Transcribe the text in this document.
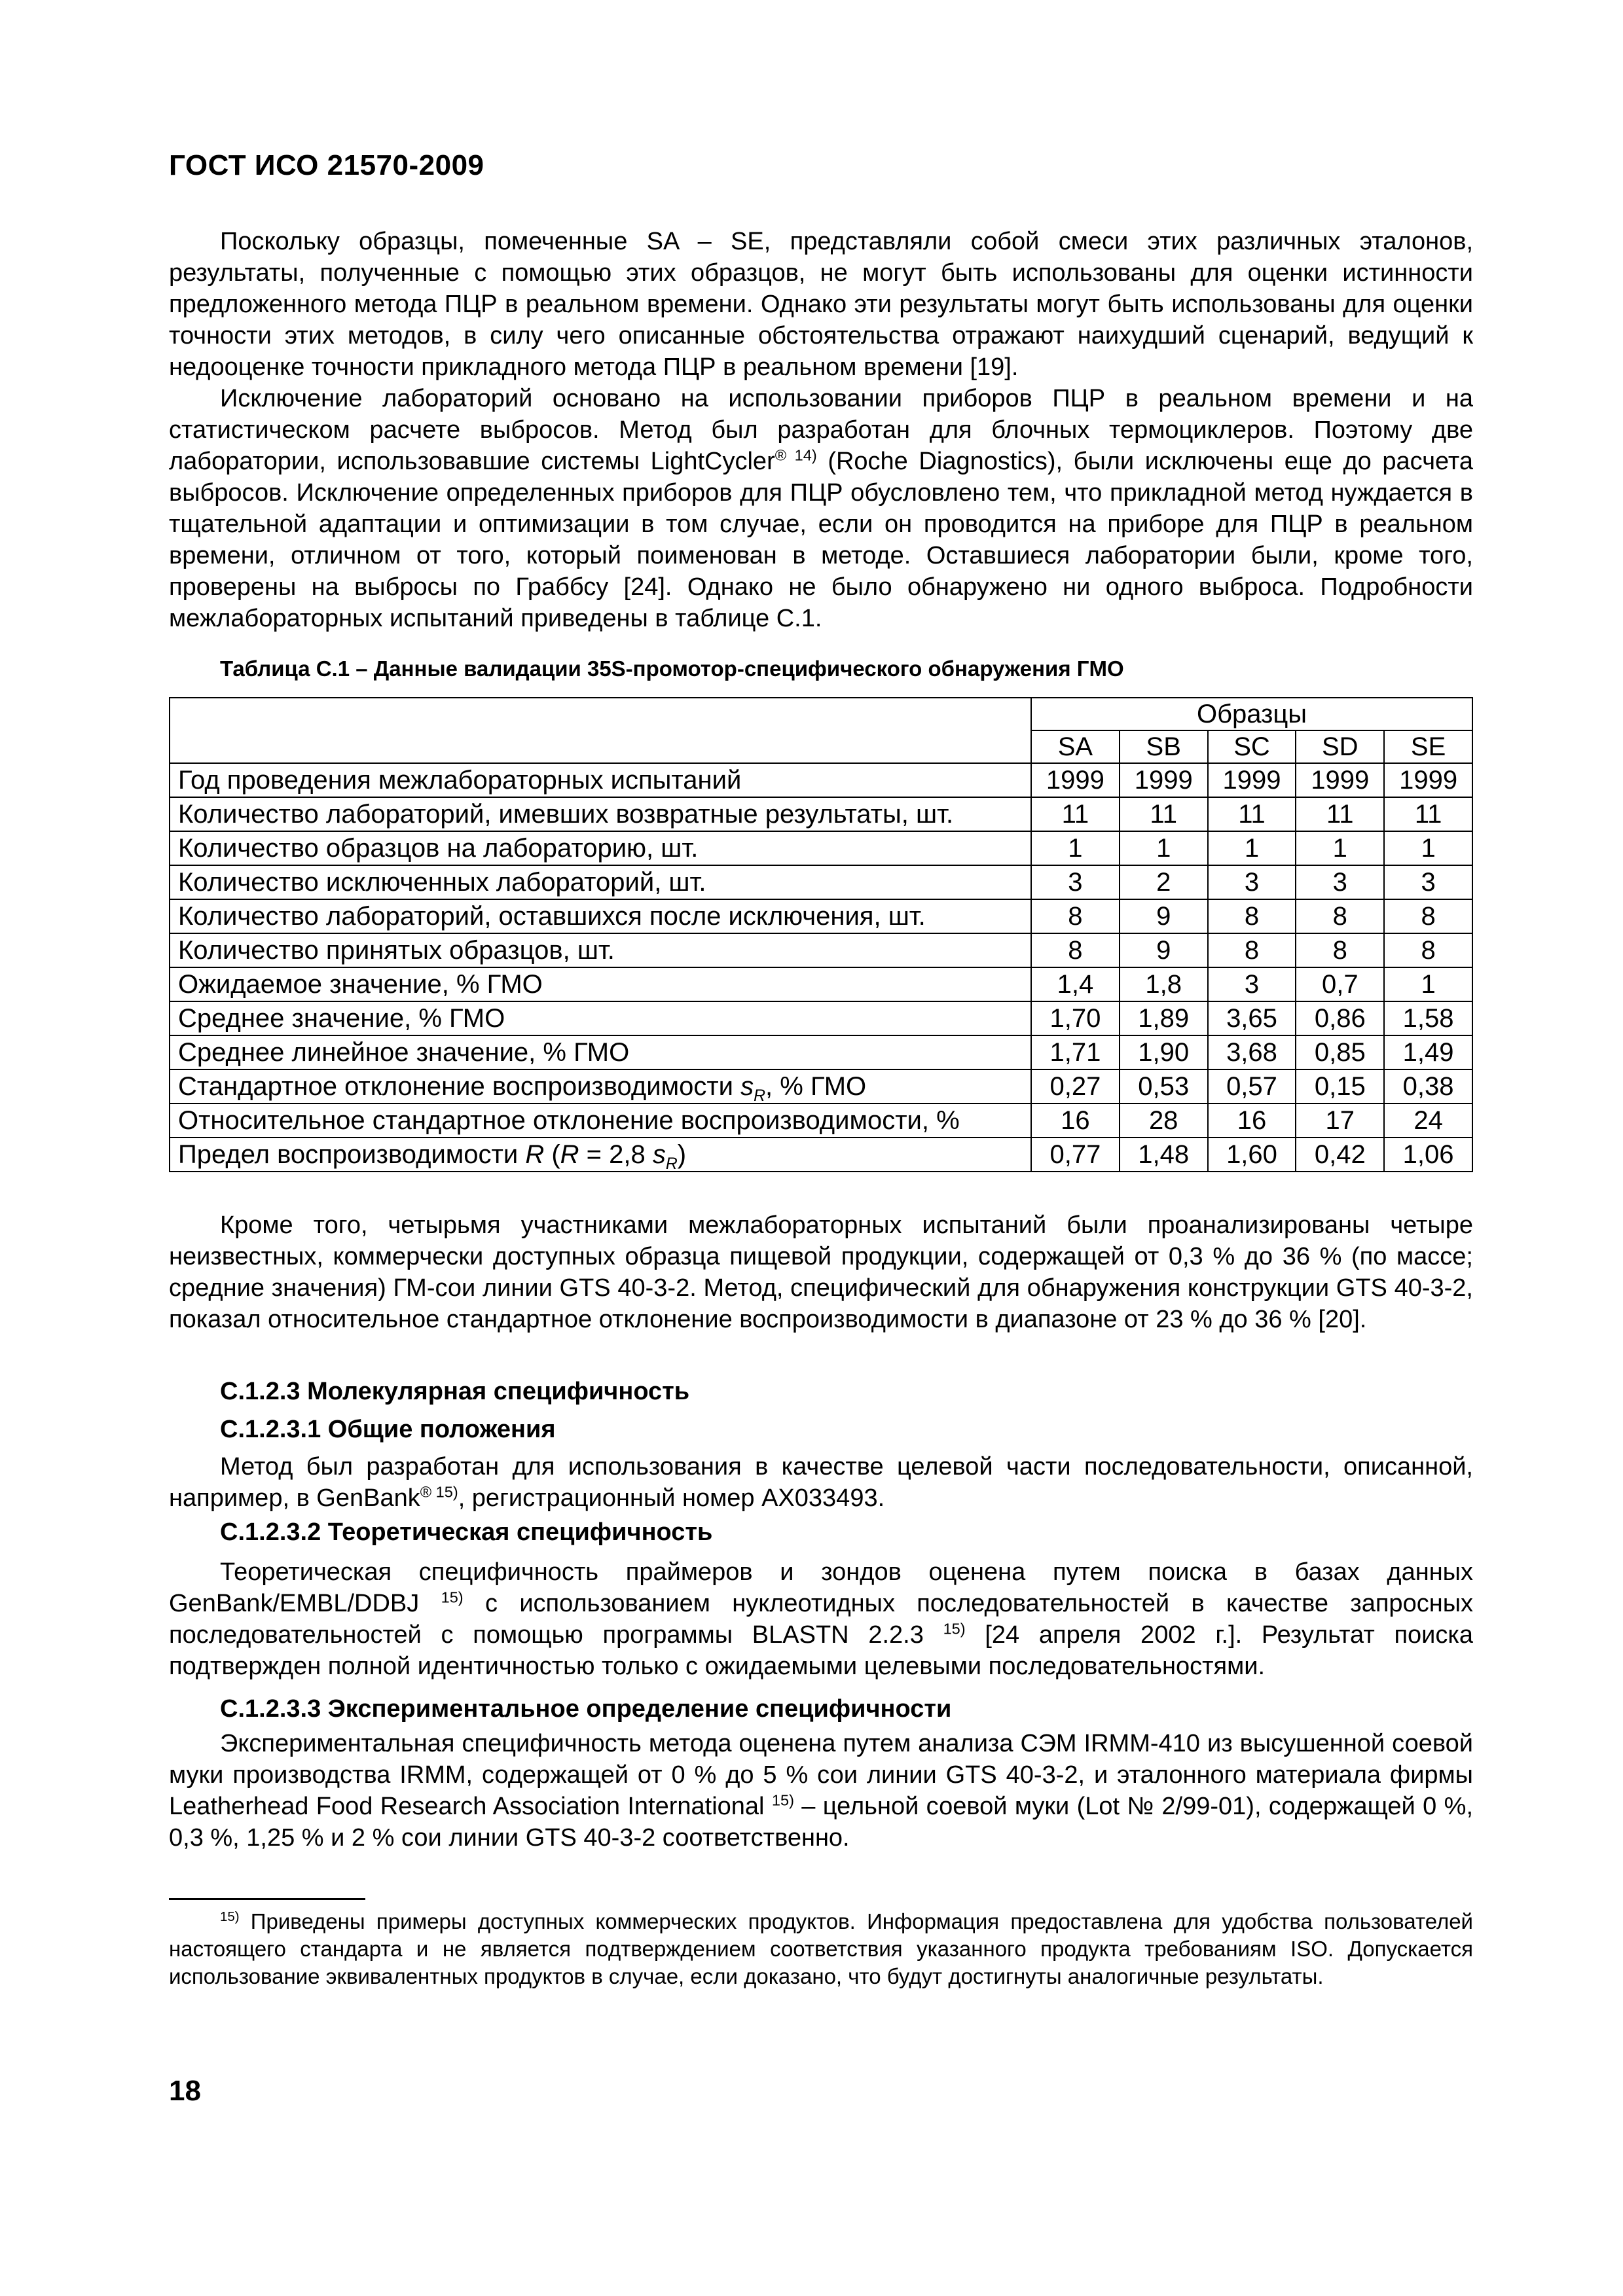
ГОСТ ИСО 21570-2009

Поскольку образцы, помеченные SA – SE, представляли собой смеси этих различных эталонов, результаты, полученные с помощью этих образцов, не могут быть использованы для оценки истинности предложенного метода ПЦР в реальном времени. Однако эти результаты могут быть использованы для оценки точности этих методов, в силу чего описанные обстоятельства отражают наихудший сценарий, ведущий к недооценке точности прикладного метода ПЦР в реальном времени [19].

Исключение лабораторий основано на использовании приборов ПЦР в реальном времени и на статистическом расчете выбросов. Метод был разработан для блочных термоциклеров. Поэтому две лаборатории, использовавшие системы LightCycler$^{® 14)}$ (Roche Diagnostics), были исключены еще до расчета выбросов. Исключение определенных приборов для ПЦР обусловлено тем, что прикладной метод нуждается в тщательной адаптации и оптимизации в том случае, если он проводится на приборе для ПЦР в реальном времени, отличном от того, который поименован в методе. Оставшиеся лаборатории были, кроме того, проверены на выбросы по Граббсу [24]. Однако не было обнаружено ни одного выброса. Подробности межлабораторных испытаний приведены в таблице С.1.

Таблица С.1 – Данные валидации 35S-промотор-специфического обнаружения ГМО
	Образцы				
	SA	SB	SC	SD	SE
Год проведения межлабораторных испытаний	1999	1999	1999	1999	1999
Количество лабораторий, имевших возвратные результаты, шт.	11	11	11	11	11
Количество образцов на лабораторию, шт.	1	1	1	1	1
Количество исключенных лабораторий, шт.	3	2	3	3	3
Количество лабораторий, оставшихся после исключения, шт.	8	9	8	8	8
Количество принятых образцов, шт.	8	9	8	8	8
Ожидаемое значение, % ГМО	1,4	1,8	3	0,7	1
Среднее значение, % ГМО	1,70	1,89	3,65	0,86	1,58
Среднее линейное значение, % ГМО	1,71	1,90	3,68	0,85	1,49
Стандартное отклонение воспроизводимости $s_R$, % ГМО	0,27	0,53	0,57	0,15	0,38
Относительное стандартное отклонение воспроизводимости, %	16	28	16	17	24
Предел воспроизводимости R (R = 2,8 $s_R$)	0,77	1,48	1,60	0,42	1,06

Кроме того, четырьмя участниками межлабораторных испытаний были проанализированы четыре неизвестных, коммерчески доступных образца пищевой продукции, содержащей от 0,3 % до 36 % (по массе; средние значения) ГМ-сои линии GTS 40-3-2. Метод, специфический для обнаружения конструкции GTS 40-3-2, показал относительное стандартное отклонение воспроизводимости в диапазоне от 23 % до 36 % [20].

С.1.2.3 Молекулярная специфичность
С.1.2.3.1 Общие положения

Метод был разработан для использования в качестве целевой части последовательности, описанной, например, в GenBank$^{® 15)}$, регистрационный номер AX033493.

С.1.2.3.2 Теоретическая специфичность

Теоретическая специфичность праймеров и зондов оценена путем поиска в базах данных GenBank/EMBL/DDBJ $^{15)}$ с использованием нуклеотидных последовательностей в качестве запросных последовательностей с помощью программы BLASTN 2.2.3 $^{15)}$ [24 апреля 2002 г.]. Результат поиска подтвержден полной идентичностью только с ожидаемыми целевыми последовательностями.

С.1.2.3.3 Экспериментальное определение специфичности

Экспериментальная специфичность метода оценена путем анализа СЭМ IRMM-410 из высушенной соевой муки производства IRMM, содержащей от 0 % до 5 % сои линии GTS 40-3-2, и эталонного материала фирмы Leatherhead Food Research Association International $^{15)}$ – цельной соевой муки (Lot № 2/99-01), содержащей 0 %, 0,3 %, 1,25 % и 2 % сои линии GTS 40-3-2 соответственно.

$^{15)}$ Приведены примеры доступных коммерческих продуктов. Информация предоставлена для удобства пользователей настоящего стандарта и не является подтверждением соответствия указанного продукта требованиям ISO. Допускается использование эквивалентных продуктов в случае, если доказано, что будут достигнуты аналогичные результаты.

18
